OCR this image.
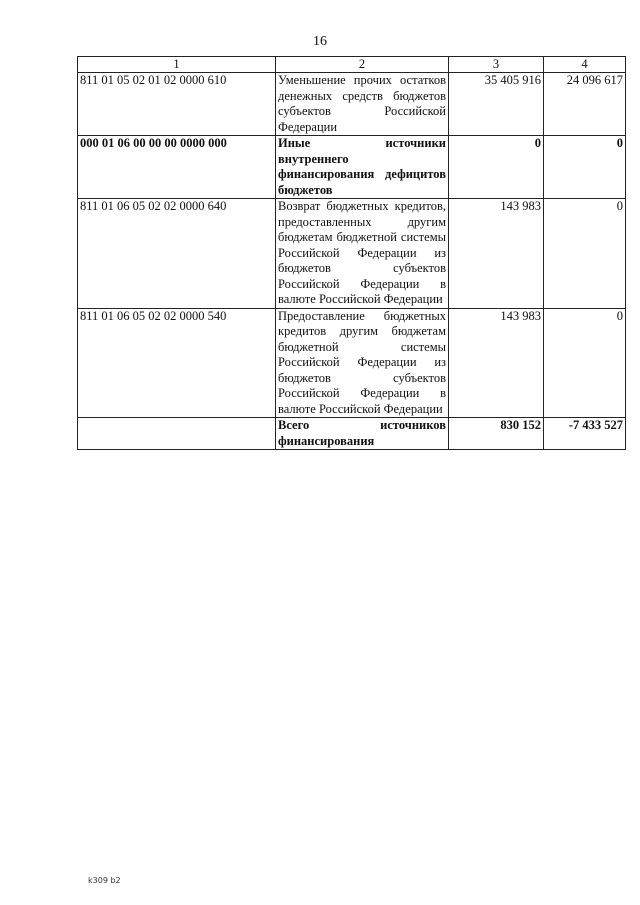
16
1	2	3	4
811 01 05 02 01 02 0000 610	Уменьшение прочих остатков денежных средств бюджетов субъектов Российской Федерации	35 405 916	24 096 617
000 01 06 00 00 00 0000 000	Иные источники внутреннего финансирования дефицитов бюджетов	0	0
811 01 06 05 02 02 0000 640	Возврат бюджетных кредитов, предоставленных другим бюджетам бюджетной системы Российской Федерации из бюджетов субъектов Российской Федерации в валюте Российской Федерации	143 983	0
811 01 06 05 02 02 0000 540	Предоставление бюджетных кредитов другим бюджетам бюджетной системы Российской Федерации из бюджетов субъектов Российской Федерации в валюте Российской Федерации	143 983	0
	Всего источников финансирования	830 152	-7 433 527
k309 b2
